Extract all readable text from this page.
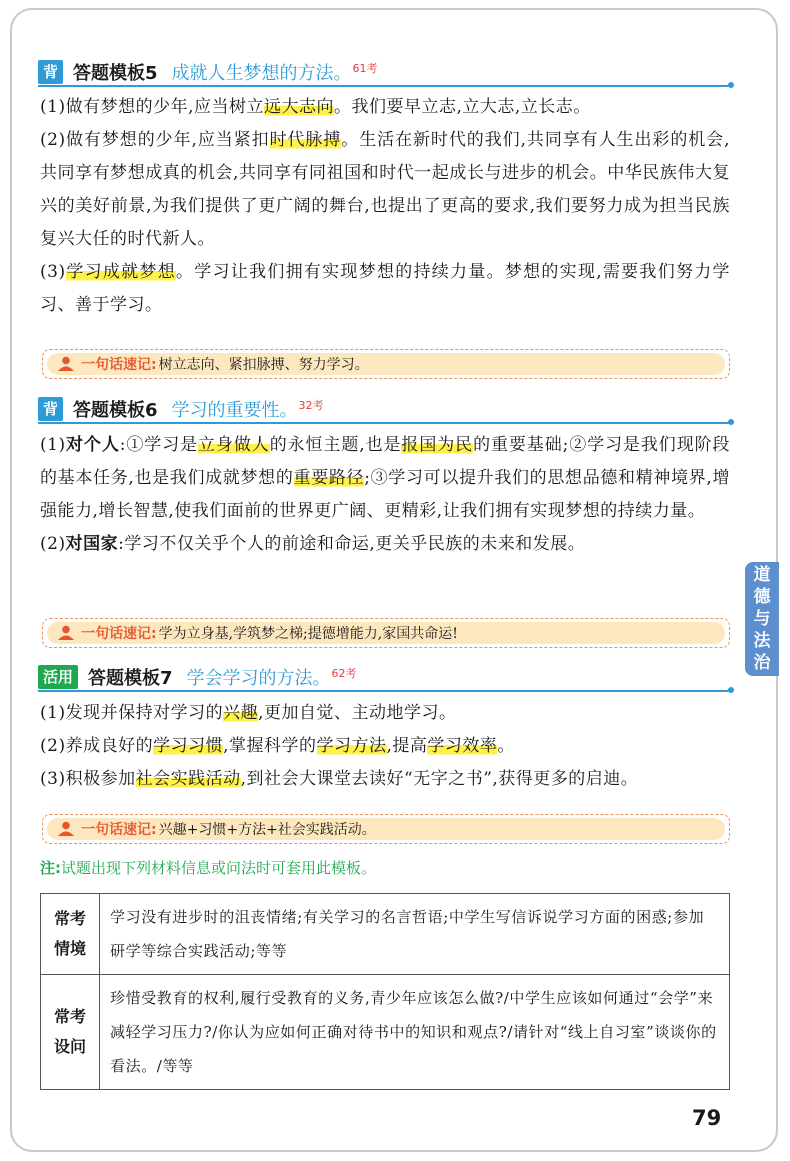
背 答题模板5 成就人生梦想的方法。$^{61考}$
(1)做有梦想的少年,应当树立远大志向。我们要早立志,立大志,立长志。
(2)做有梦想的少年,应当紧扣时代脉搏。生活在新时代的我们,共同享有人生出彩的机会,共同享有梦想成真的机会,共同享有同祖国和时代一起成长与进步的机会。中华民族伟大复兴的美好前景,为我们提供了更广阔的舞台,也提出了更高的要求,我们要努力成为担当民族复兴大任的时代新人。
(3)学习成就梦想。学习让我们拥有实现梦想的持续力量。梦想的实现,需要我们努力学习、善于学习。
一句话速记: 树立志向、紧扣脉搏、努力学习。
背 答题模板6 学习的重要性。$^{32考}$
(1)对个人:①学习是立身做人的永恒主题,也是报国为民的重要基础;②学习是我们现阶段的基本任务,也是我们成就梦想的重要路径;③学习可以提升我们的思想品德和精神境界,增强能力,增长智慧,使我们面前的世界更广阔、更精彩,让我们拥有实现梦想的持续力量。
(2)对国家:学习不仅关乎个人的前途和命运,更关乎民族的未来和发展。
一句话速记: 学为立身基,学筑梦之梯;提德增能力,家国共命运!
活用 答题模板7 学会学习的方法。$^{62考}$
(1)发现并保持对学习的兴趣,更加自觉、主动地学习。
(2)养成良好的学习习惯,掌握科学的学习方法,提高学习效率。
(3)积极参加社会实践活动,到社会大课堂去读好“无字之书”,获得更多的启迪。
一句话速记: 兴趣+习惯+方法+社会实践活动。
注:试题出现下列材料信息或问法时可套用此模板。
常考
情境	学习没有进步时的沮丧情绪;有关学习的名言哲语;中学生写信诉说学习方面的困惑;参加研学等综合实践活动;等等

常考
设问	珍惜受教育的权利,履行受教育的义务,青少年应该怎么做?/中学生应该如何通过“会学”来减轻学习压力?/你认为应如何正确对待书中的知识和观点?/请针对“线上自习室”谈谈你的看法。/等等
道
德
与
法
治
79
